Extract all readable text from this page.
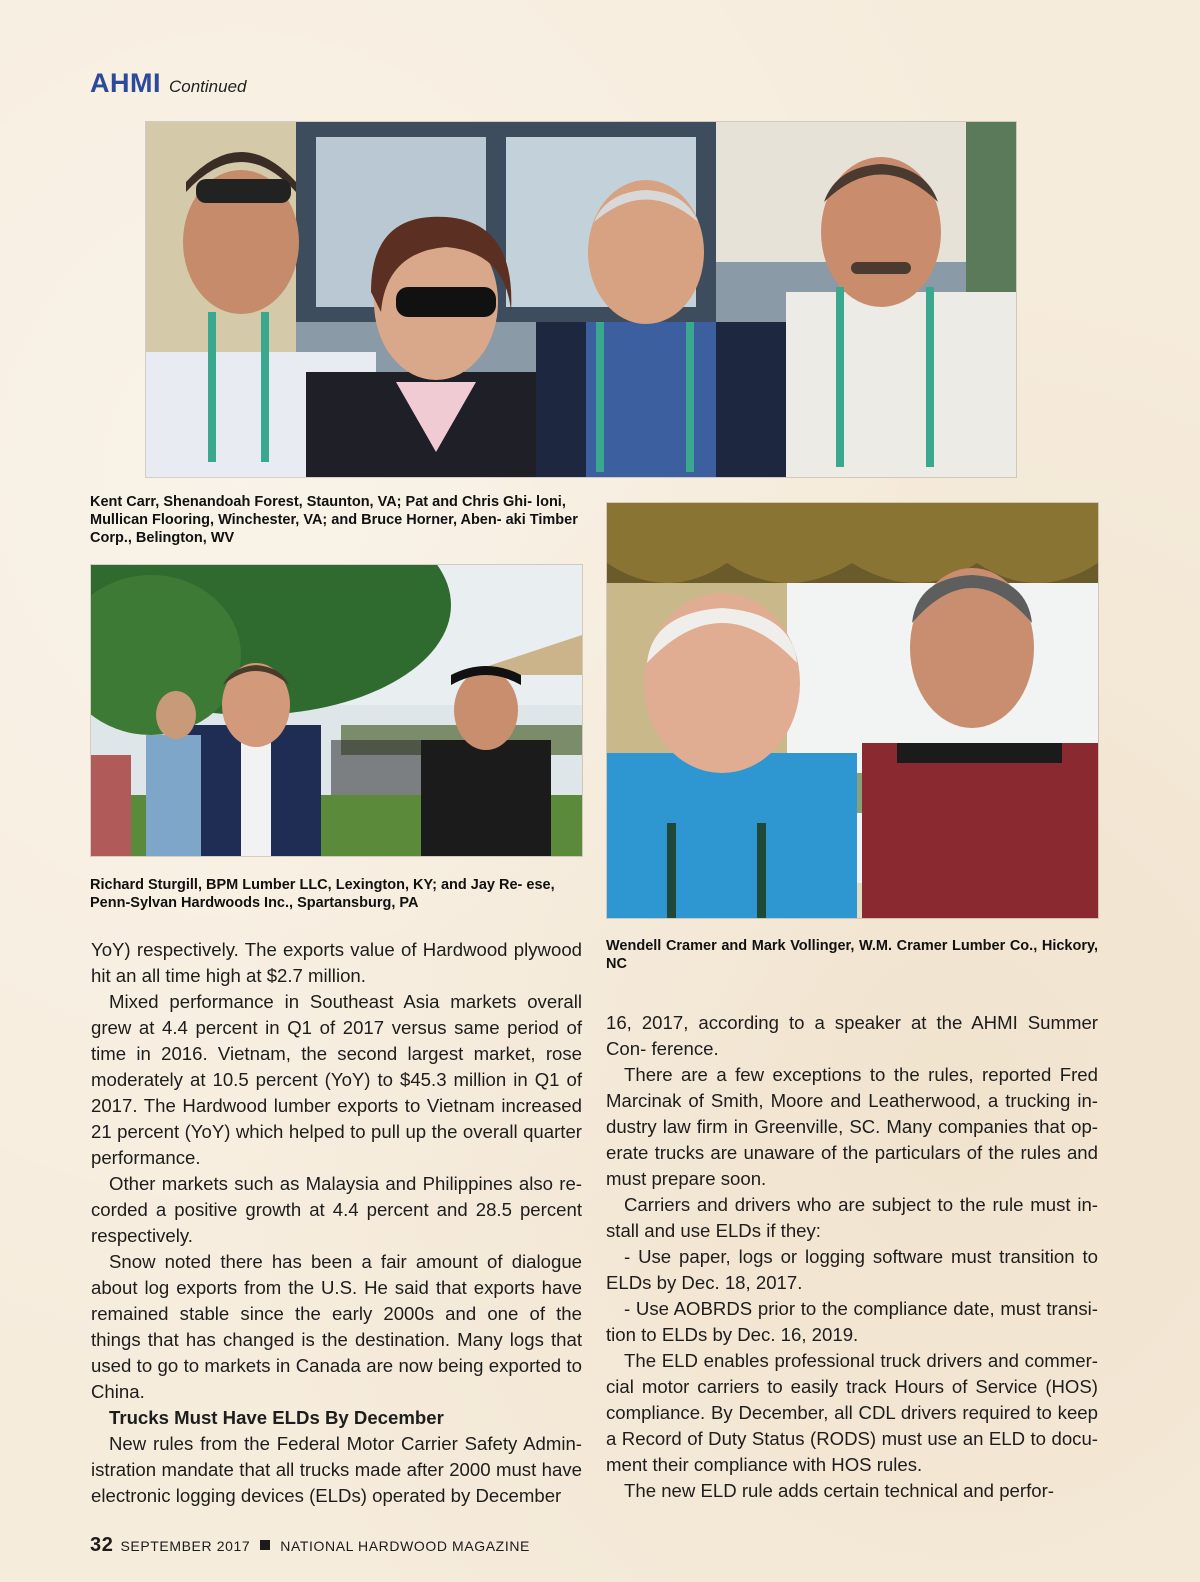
AHMI Continued
Kent Carr, Shenandoah Forest, Staunton, VA; Pat and Chris Ghi- loni, Mullican Flooring, Winchester, VA; and Bruce Horner, Aben- aki Timber Corp., Belington, WV
Richard Sturgill, BPM Lumber LLC, Lexington, KY; and Jay Re- ese, Penn-Sylvan Hardwoods Inc., Spartansburg, PA
Wendell Cramer and Mark Vollinger, W.M. Cramer Lumber Co., Hickory, NC

YoY) respectively. The exports value of Hardwood plywood hit an all time high at $2.7 million.

Mixed performance in Southeast Asia markets overall grew at 4.4 percent in Q1 of 2017 versus same period of time in 2016. Vietnam, the second largest market, rose moderately at 10.5 percent (YoY) to $45.3 million in Q1 of 2017. The Hardwood lumber exports to Vietnam increased 21 percent (YoY) which helped to pull up the overall quarter performance.

Other markets such as Malaysia and Philippines also re- corded a positive growth at 4.4 percent and 28.5 percent respectively.

Snow noted there has been a fair amount of dialogue about log exports from the U.S. He said that exports have remained stable since the early 2000s and one of the things that has changed is the destination. Many logs that used to go to markets in Canada are now being exported to China.

Trucks Must Have ELDs By December

New rules from the Federal Motor Carrier Safety Admin- istration mandate that all trucks made after 2000 must have electronic logging devices (ELDs) operated by December

16, 2017, according to a speaker at the AHMI Summer Con- ference.

There are a few exceptions to the rules, reported Fred Marcinak of Smith, Moore and Leatherwood, a trucking in- dustry law firm in Greenville, SC. Many companies that op- erate trucks are unaware of the particulars of the rules and must prepare soon.

Carriers and drivers who are subject to the rule must in- stall and use ELDs if they:

- Use paper, logs or logging software must transition to ELDs by Dec. 18, 2017.

- Use AOBRDS prior to the compliance date, must transi- tion to ELDs by Dec. 16, 2019.

The ELD enables professional truck drivers and commer- cial motor carriers to easily track Hours of Service (HOS) compliance. By December, all CDL drivers required to keep a Record of Duty Status (RODS) must use an ELD to docu- ment their compliance with HOS rules.

The new ELD rule adds certain technical and perfor-

32 SEPTEMBER 2017 NATIONAL HARDWOOD MAGAZINE
